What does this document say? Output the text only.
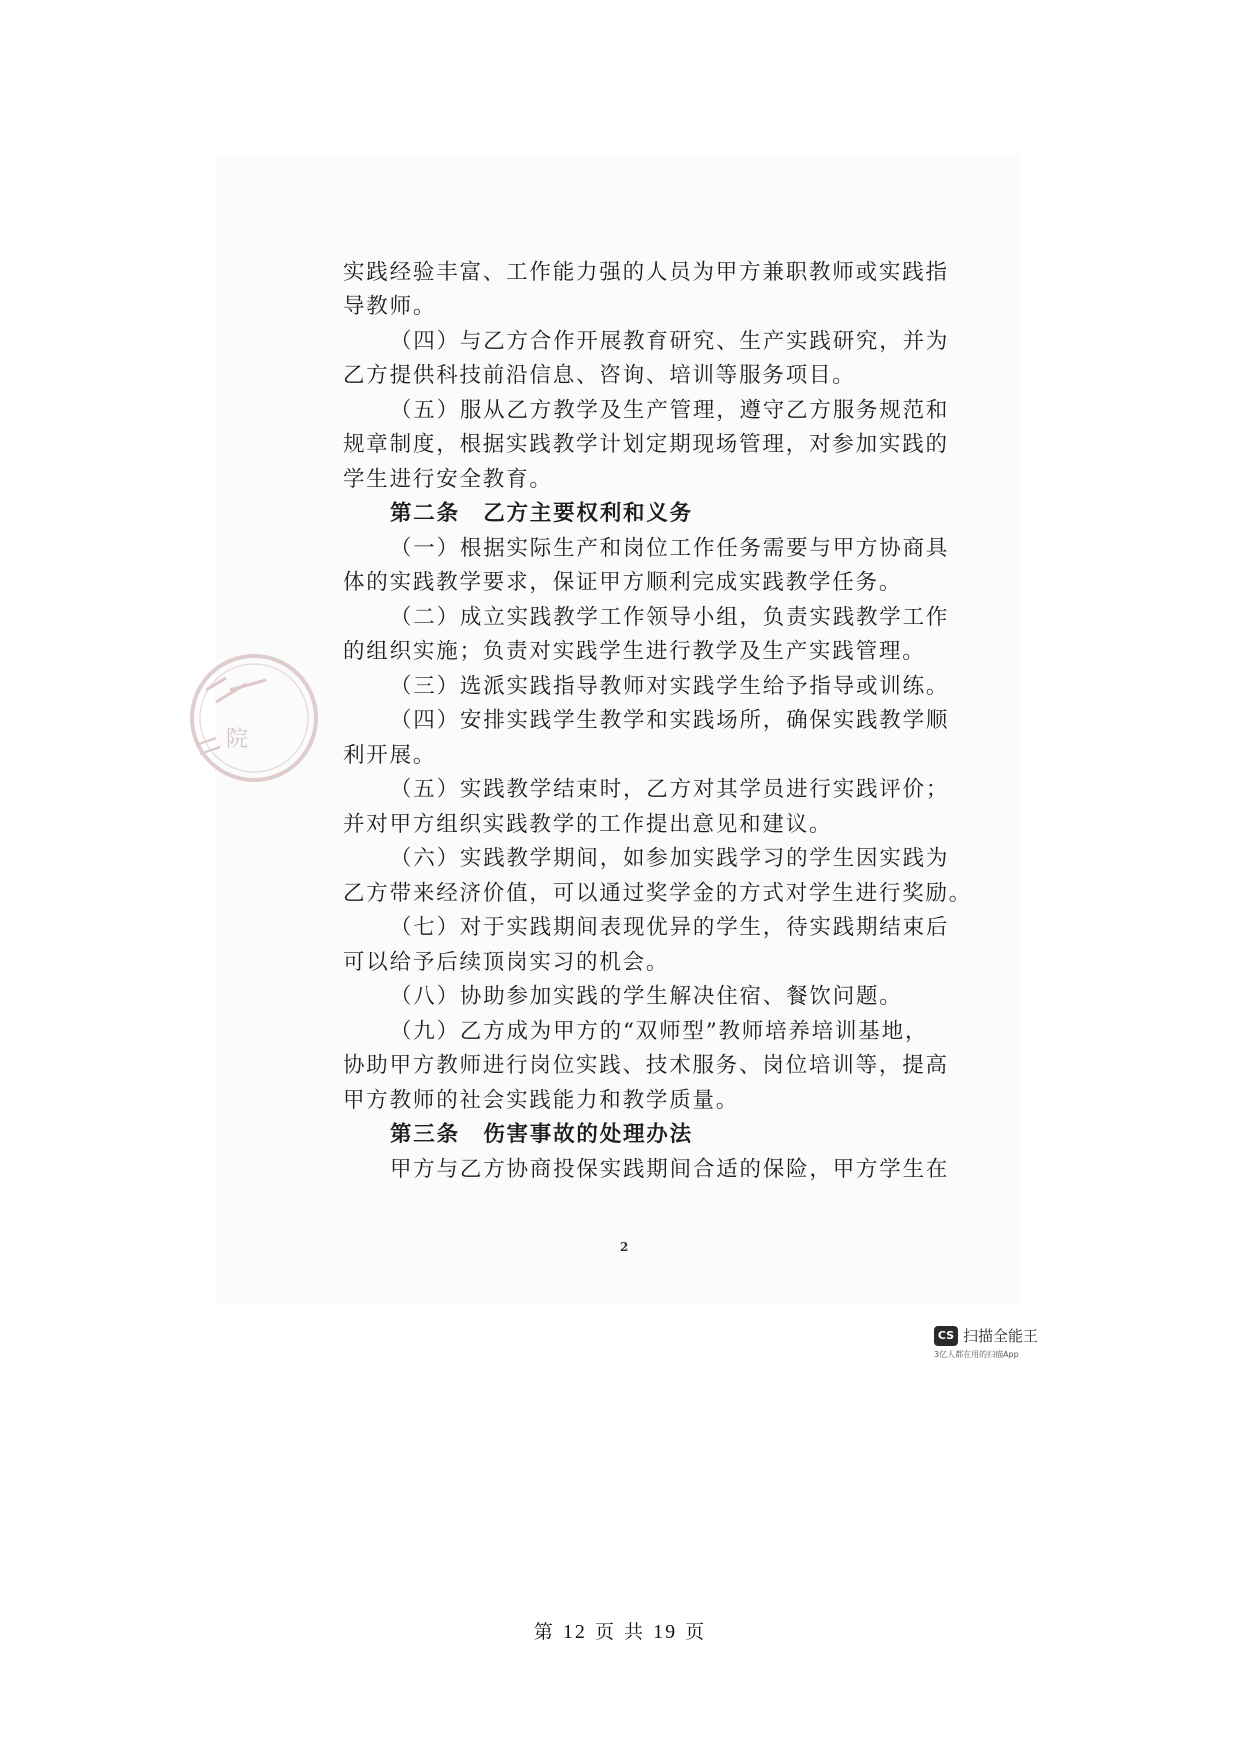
院
实践经验丰富、工作能力强的人员为甲方兼职教师或实践指
导教师。
（四）与乙方合作开展教育研究、生产实践研究，并为
乙方提供科技前沿信息、咨询、培训等服务项目。
（五）服从乙方教学及生产管理，遵守乙方服务规范和
规章制度，根据实践教学计划定期现场管理，对参加实践的
学生进行安全教育。
第二条　乙方主要权利和义务
（一）根据实际生产和岗位工作任务需要与甲方协商具
体的实践教学要求，保证甲方顺利完成实践教学任务。
（二）成立实践教学工作领导小组，负责实践教学工作
的组织实施；负责对实践学生进行教学及生产实践管理。
（三）选派实践指导教师对实践学生给予指导或训练。
（四）安排实践学生教学和实践场所，确保实践教学顺
利开展。
（五）实践教学结束时，乙方对其学员进行实践评价；
并对甲方组织实践教学的工作提出意见和建议。
（六）实践教学期间，如参加实践学习的学生因实践为
乙方带来经济价值，可以通过奖学金的方式对学生进行奖励。
（七）对于实践期间表现优异的学生，待实践期结束后
可以给予后续顶岗实习的机会。
（八）协助参加实践的学生解决住宿、餐饮问题。
（九）乙方成为甲方的“双师型”教师培养培训基地，
协助甲方教师进行岗位实践、技术服务、岗位培训等，提高
甲方教师的社会实践能力和教学质量。
第三条　伤害事故的处理办法
甲方与乙方协商投保实践期间合适的保险，甲方学生在
2
CS 扫描全能王
3亿人都在用的扫描App
第 12 页 共 19 页
